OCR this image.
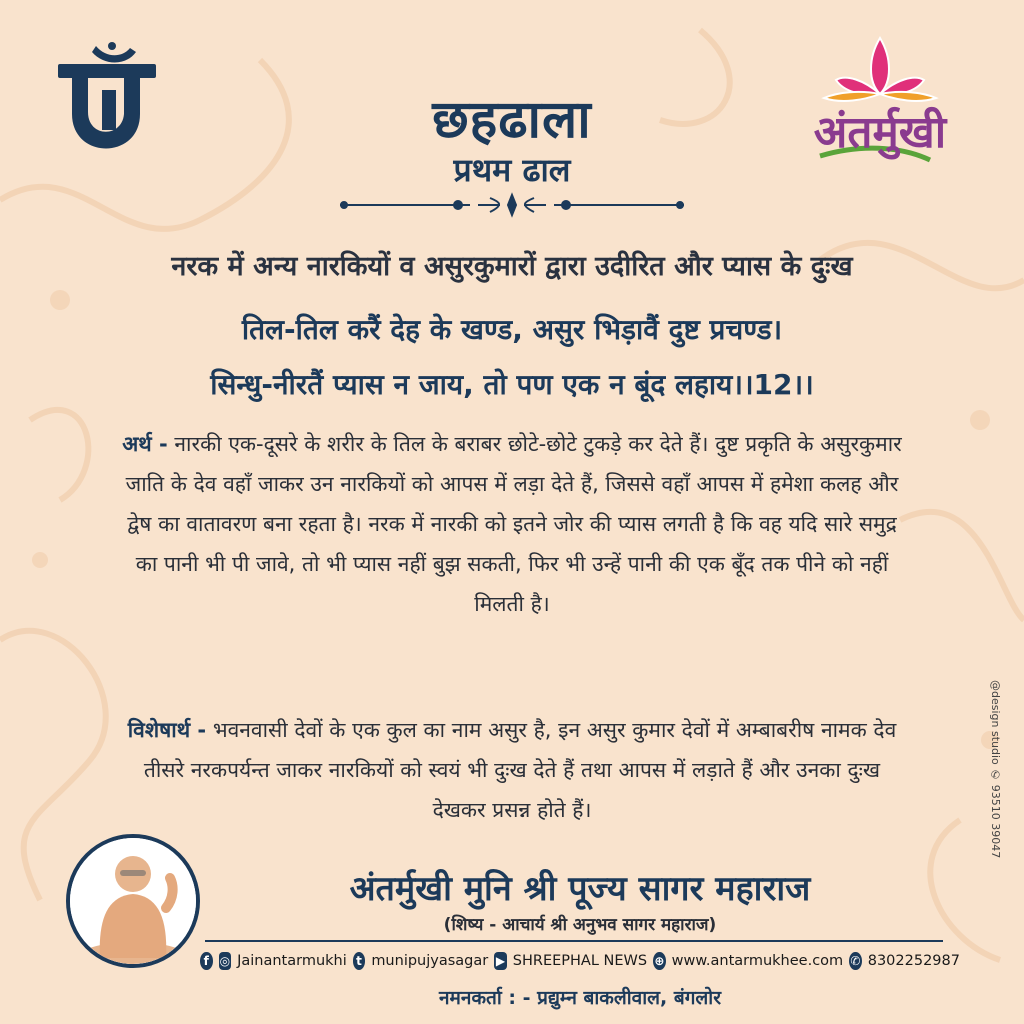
छहढाला
प्रथम ढाल
अंतर्मुखी
नरक में अन्य नारकियों व असुरकुमारों द्वारा उदीरित और प्यास के दुःख
तिल-तिल करैं देह के खण्ड, असुर भिड़ावैं दुष्ट प्रचण्ड।
सिन्धु-नीरतैं प्यास न जाय, तो पण एक न बूंद लहाय।।12।।
अर्थ - नारकी एक-दूसरे के शरीर के तिल के बराबर छोटे-छोटे टुकड़े कर देते हैं। दुष्ट प्रकृति के असुरकुमार जाति के देव वहाँ जाकर उन नारकियों को आपस में लड़ा देते हैं, जिससे वहाँ आपस में हमेशा कलह और द्वेष का वातावरण बना रहता है। नरक में नारकी को इतने जोर की प्यास लगती है कि वह यदि सारे समुद्र का पानी भी पी जावे, तो भी प्यास नहीं बुझ सकती, फिर भी उन्हें पानी की एक बूँद तक पीने को नहीं मिलती है।
विशेषार्थ - भवनवासी देवों के एक कुल का नाम असुर है, इन असुर कुमार देवों में अम्बाबरीष नामक देव तीसरे नरकपर्यन्त जाकर नारकियों को स्वयं भी दुःख देते हैं तथा आपस में लड़ाते हैं और उनका दुःख देखकर प्रसन्न होते हैं।	@design studio ✆ 93510 39047
अंतर्मुखी मुनि श्री पूज्य सागर महाराज
(शिष्य - आचार्य श्री अनुभव सागर महाराज)
f ◎ Jainantarmukhi t munipujyasagar ▶ SHREEPHAL NEWS ⊕ www.antarmukhee.com ✆ 8302252987
नमनकर्ता : - प्रद्युम्न बाकलीवाल, बंगलोर
